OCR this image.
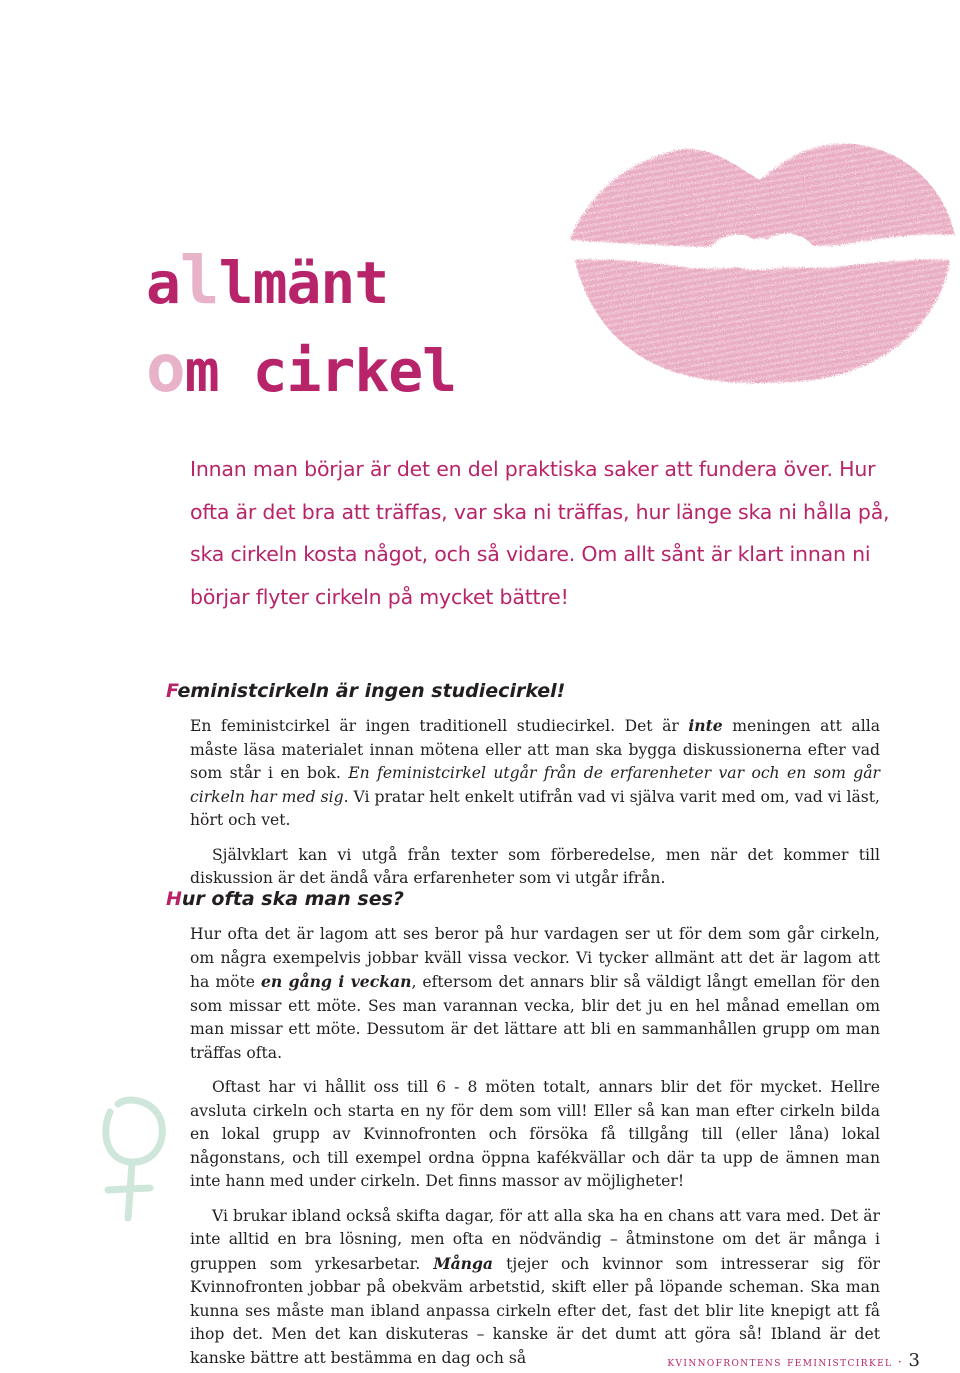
allmänt
om cirkel
Innan man börjar är det en del praktiska saker att fundera över. Hur ofta är det bra att träffas, var ska ni träffas, hur länge ska ni hålla på, ska cirkeln kosta något, och så vidare. Om allt sånt är klart innan ni börjar flyter cirkeln på mycket bättre!
Feministcirkeln är ingen studiecirkel!

En feministcirkel är ingen traditionell studiecirkel. Det är inte meningen att alla måste läsa materialet innan mötena eller att man ska bygga diskussionerna efter vad som står i en bok. En feministcirkel utgår från de erfarenheter var och en som går cirkeln har med sig. Vi pratar helt enkelt utifrån vad vi själva varit med om, vad vi läst, hört och vet.

Självklart kan vi utgå från texter som förberedelse, men när det kommer till diskussion är det ändå våra erfarenheter som vi utgår ifrån.

Hur ofta ska man ses?

Hur ofta det är lagom att ses beror på hur vardagen ser ut för dem som går cirkeln, om några exempelvis jobbar kväll vissa veckor. Vi tycker allmänt att det är lagom att ha möte en gång i veckan, eftersom det annars blir så väldigt långt emellan för den som missar ett möte. Ses man varannan vecka, blir det ju en hel månad emellan om man missar ett möte. Dessutom är det lättare att bli en sammanhållen grupp om man träffas ofta.

Oftast har vi hållit oss till 6 - 8 möten totalt, annars blir det för mycket. Hellre avsluta cirkeln och starta en ny för dem som vill! Eller så kan man efter cirkeln bilda en lokal grupp av Kvinnofronten och försöka få tillgång till (eller låna) lokal någonstans, och till exempel ordna öppna kafékvällar och där ta upp de ämnen man inte hann med under cirkeln. Det finns massor av möjligheter!

Vi brukar ibland också skifta dagar, för att alla ska ha en chans att vara med. Det är inte alltid en bra lösning, men ofta en nödvändig – åtminstone om det är många i gruppen som yrkesarbetar. Många tjejer och kvinnor som intresserar sig för Kvinnofronten jobbar på obekväm arbetstid, skift eller på löpande scheman. Ska man kunna ses måste man ibland anpassa cirkeln efter det, fast det blir lite knepigt att få ihop det. Men det kan diskuteras – kanske är det dumt att göra så! Ibland är det kanske bättre att bestämma en dag och så	kvinnofrontens feministcirkel · 3
